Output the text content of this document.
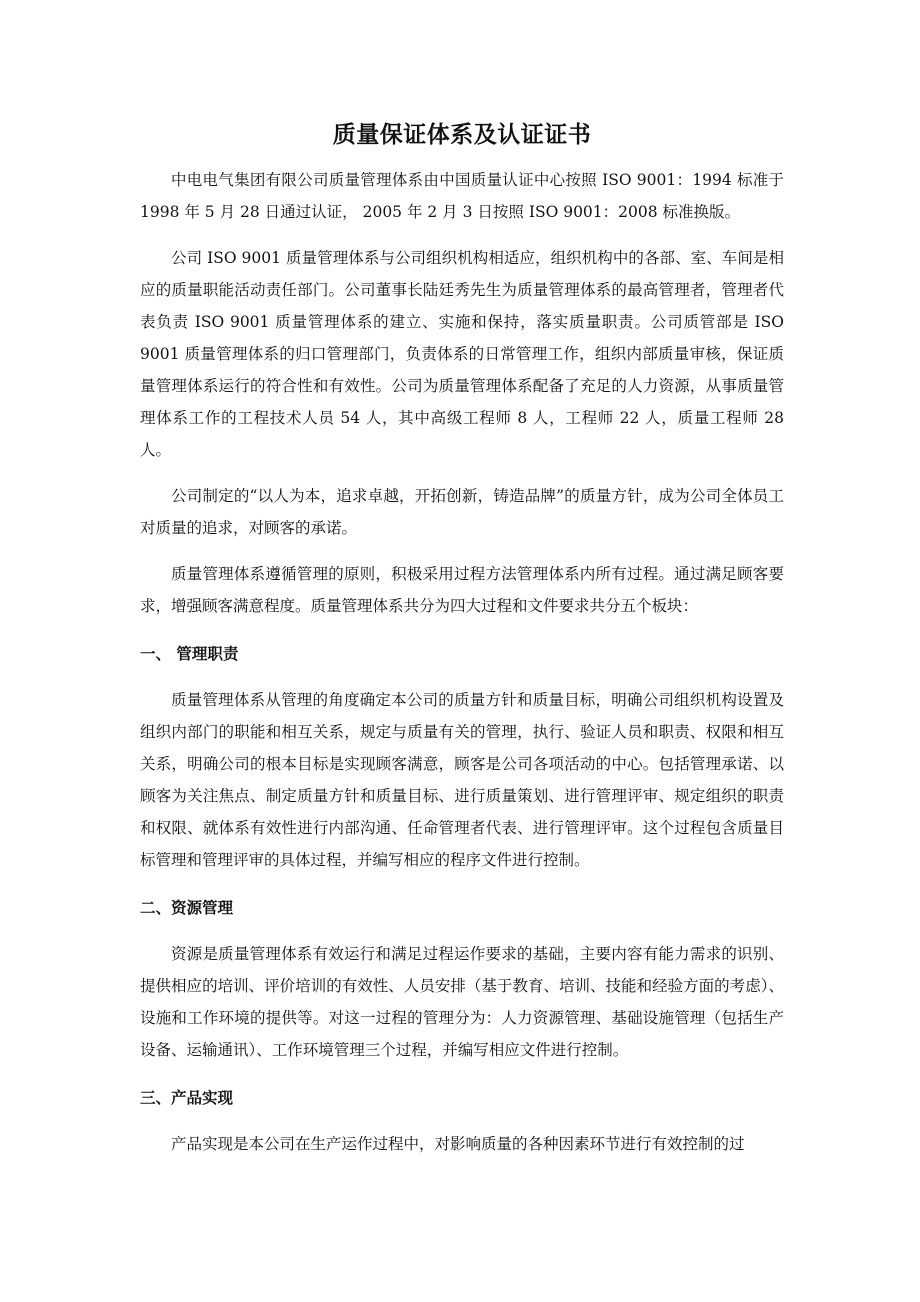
质量保证体系及认证证书

中电电气集团有限公司质量管理体系由中国质量认证中心按照 ISO 9001：1994 标准于 1998 年 5 月 28 日通过认证， 2005 年 2 月 3 日按照 ISO 9001：2008 标准换版。

公司 ISO 9001 质量管理体系与公司组织机构相适应，组织机构中的各部、室、车间是相应的质量职能活动责任部门。公司董事长陆廷秀先生为质量管理体系的最高管理者，管理者代表负责 ISO 9001 质量管理体系的建立、实施和保持，落实质量职责。公司质管部是 ISO 9001 质量管理体系的归口管理部门，负责体系的日常管理工作，组织内部质量审核，保证质量管理体系运行的符合性和有效性。公司为质量管理体系配备了充足的人力资源，从事质量管理体系工作的工程技术人员 54 人，其中高级工程师 8 人，工程师 22 人，质量工程师 28 人。

公司制定的“以人为本，追求卓越，开拓创新，铸造品牌”的质量方针，成为公司全体员工对质量的追求，对顾客的承诺。

质量管理体系遵循管理的原则，积极采用过程方法管理体系内所有过程。通过满足顾客要求，增强顾客满意程度。质量管理体系共分为四大过程和文件要求共分五个板块：

一、 管理职责

质量管理体系从管理的角度确定本公司的质量方针和质量目标，明确公司组织机构设置及组织内部门的职能和相互关系，规定与质量有关的管理，执行、验证人员和职责、权限和相互关系，明确公司的根本目标是实现顾客满意，顾客是公司各项活动的中心。包括管理承诺、以顾客为关注焦点、制定质量方针和质量目标、进行质量策划、进行管理评审、规定组织的职责和权限、就体系有效性进行内部沟通、任命管理者代表、进行管理评审。这个过程包含质量目标管理和管理评审的具体过程，并编写相应的程序文件进行控制。

二、资源管理

资源是质量管理体系有效运行和满足过程运作要求的基础，主要内容有能力需求的识别、提供相应的培训、评价培训的有效性、人员安排（基于教育、培训、技能和经验方面的考虑）、设施和工作环境的提供等。对这一过程的管理分为：人力资源管理、基础设施管理（包括生产设备、运输通讯）、工作环境管理三个过程，并编写相应文件进行控制。

三、产品实现

产品实现是本公司在生产运作过程中，对影响质量的各种因素环节进行有效控制的过
